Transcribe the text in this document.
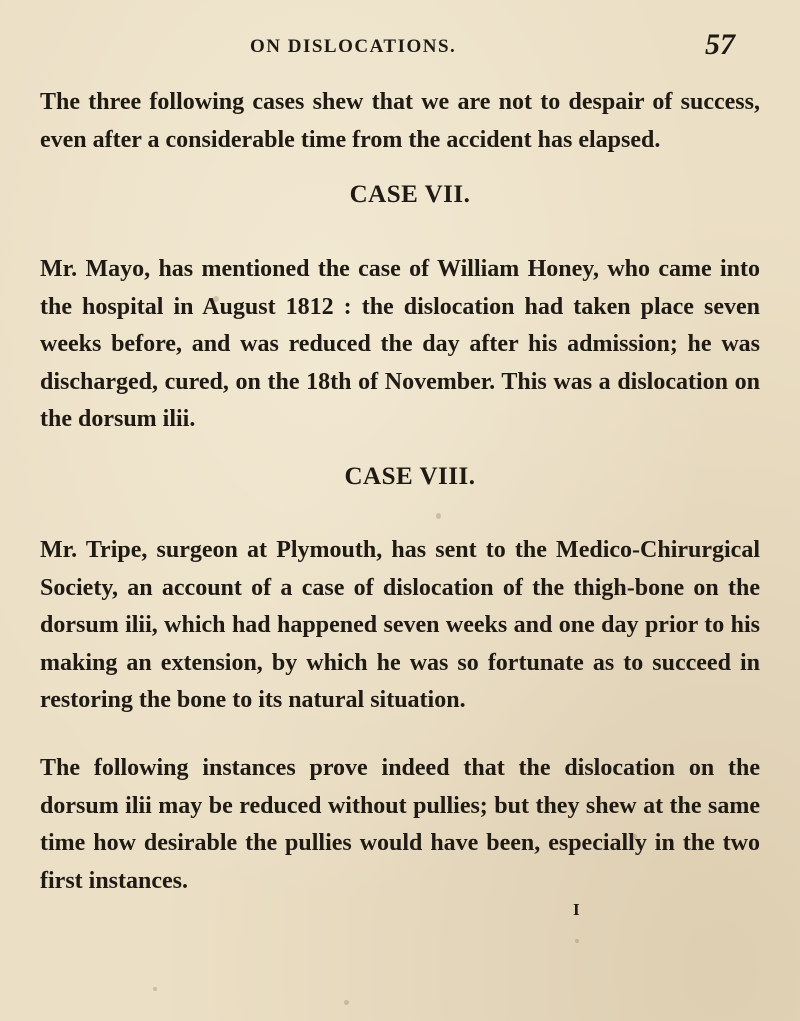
ON DISLOCATIONS.	57

The three following cases shew that we are not to despair of success, even after a considerable time from the accident has elapsed.

CASE VII.

Mr. Mayo, has mentioned the case of William Honey, who came into the hospital in August 1812 : the dislocation had taken place seven weeks before, and was reduced the day after his admission; he was discharged, cured, on the 18th of November. This was a dislocation on the dorsum ilii.

CASE VIII.

Mr. Tripe, surgeon at Plymouth, has sent to the Medico-Chirurgical Society, an account of a case of dislocation of the thigh-bone on the dorsum ilii, which had happened seven weeks and one day prior to his making an extension, by which he was so fortunate as to succeed in restoring the bone to its natural situation.

The following instances prove indeed that the dislocation on the dorsum ilii may be reduced without pullies; but they shew at the same time how desirable the pullies would have been, especially in the two first instances.

I
